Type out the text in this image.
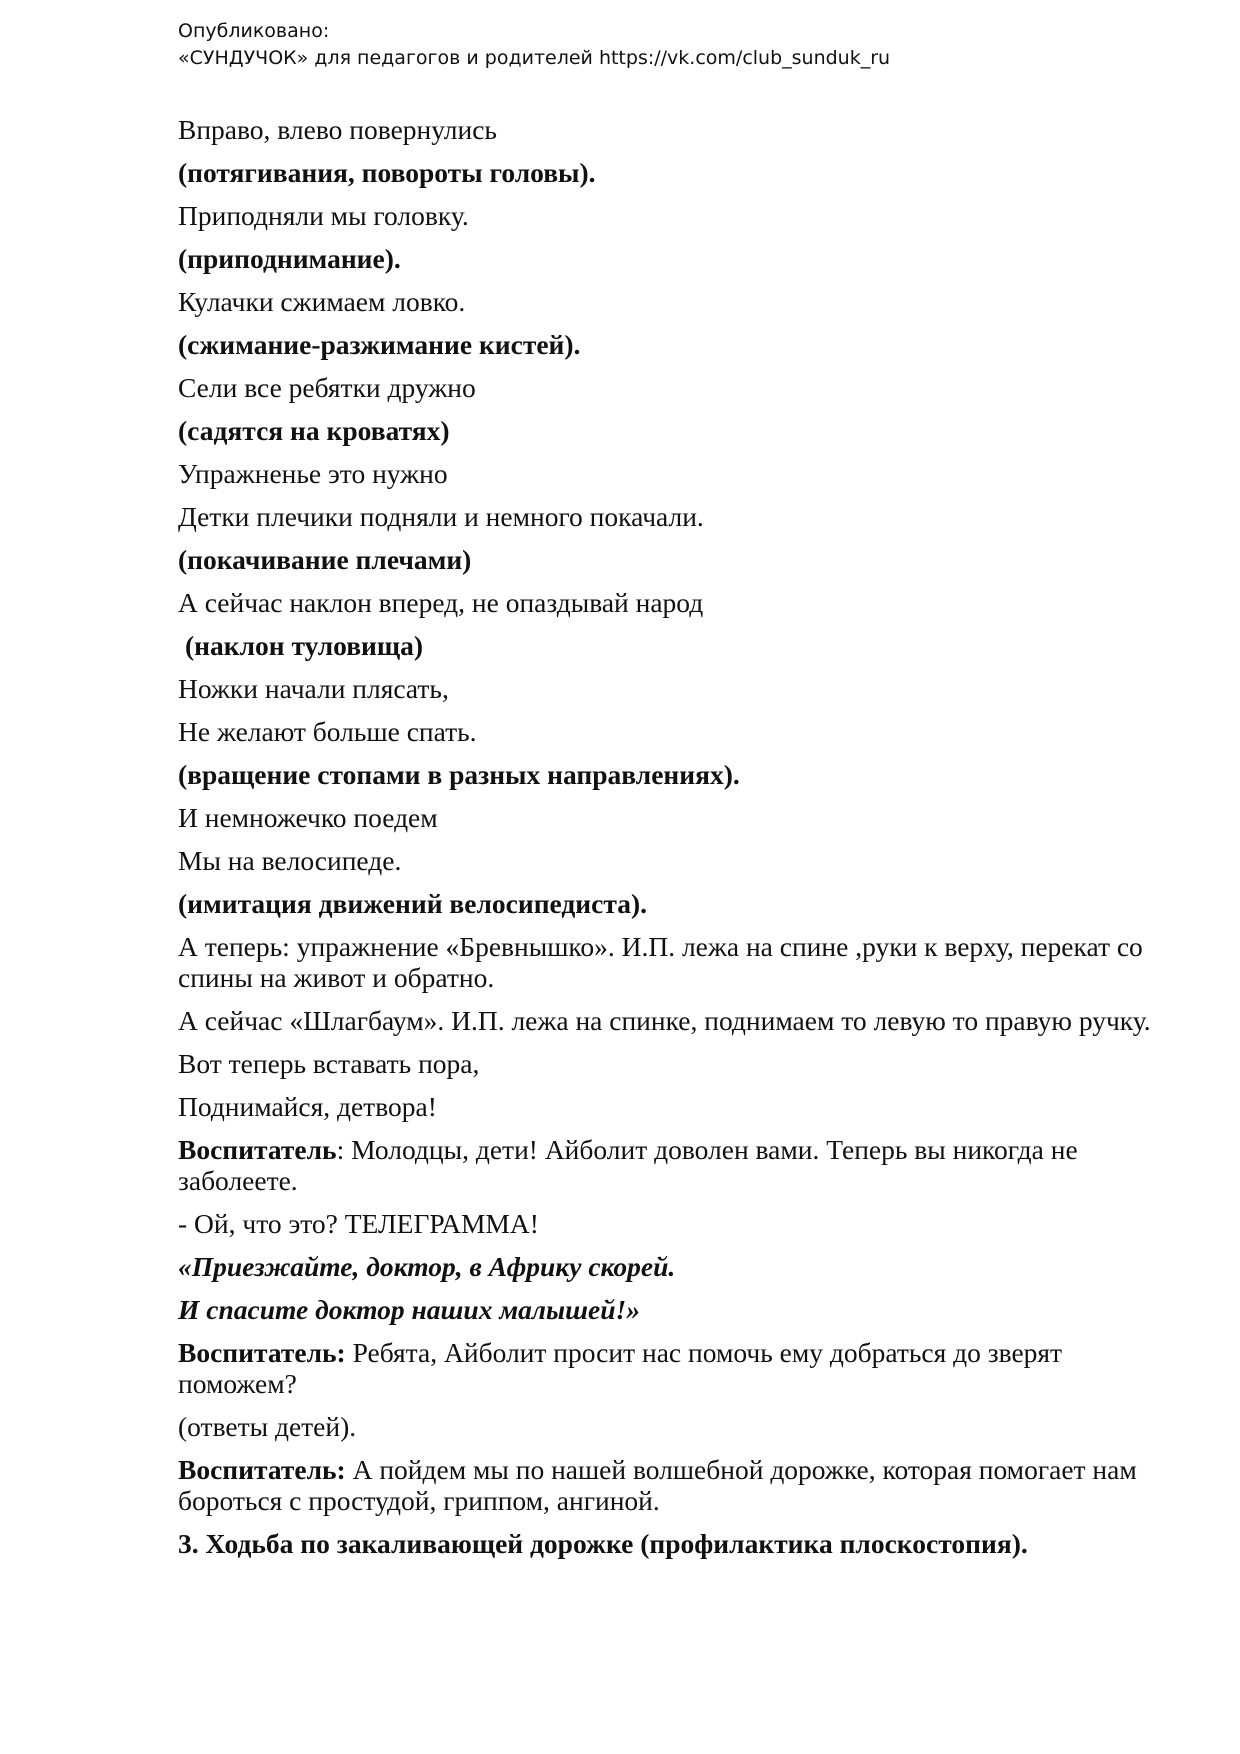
Опубликовано:
«СУНДУЧОК» для педагогов и родителей https://vk.com/club_sunduk_ru

Вправо, влево повернулись

(потягивания, повороты головы).

Приподняли мы головку.

(приподнимание).

Кулачки сжимаем ловко.

(сжимание-разжимание кистей).

Сели все ребятки дружно

(садятся на кроватях)

Упражненье это нужно

Детки плечики подняли и немного покачали.

(покачивание плечами)

А сейчас наклон вперед, не опаздывай народ

(наклон туловища)

Ножки начали плясать,

Не желают больше спать.

(вращение стопами в разных направлениях).

И немножечко поедем

Мы на велосипеде.

(имитация движений велосипедиста).

А теперь: упражнение «Бревнышко». И.П. лежа на спине ,руки к верху, перекат со спины на живот и обратно.

А сейчас «Шлагбаум». И.П. лежа на спинке, поднимаем то левую то правую ручку.

Вот теперь вставать пора,

Поднимайся, детвора!

Воспитатель: Молодцы, дети! Айболит доволен вами. Теперь вы никогда не заболеете.

- Ой, что это? ТЕЛЕГРАММА!

«Приезжайте, доктор, в Африку скорей.

И спасите доктор наших малышей!»

Воспитатель: Ребята, Айболит просит нас помочь ему добраться до зверят поможем?

(ответы детей).

Воспитатель: А пойдем мы по нашей волшебной дорожке, которая помогает нам бороться с простудой, гриппом, ангиной.

3. Ходьба по закаливающей дорожке (профилактика плоскостопия).
